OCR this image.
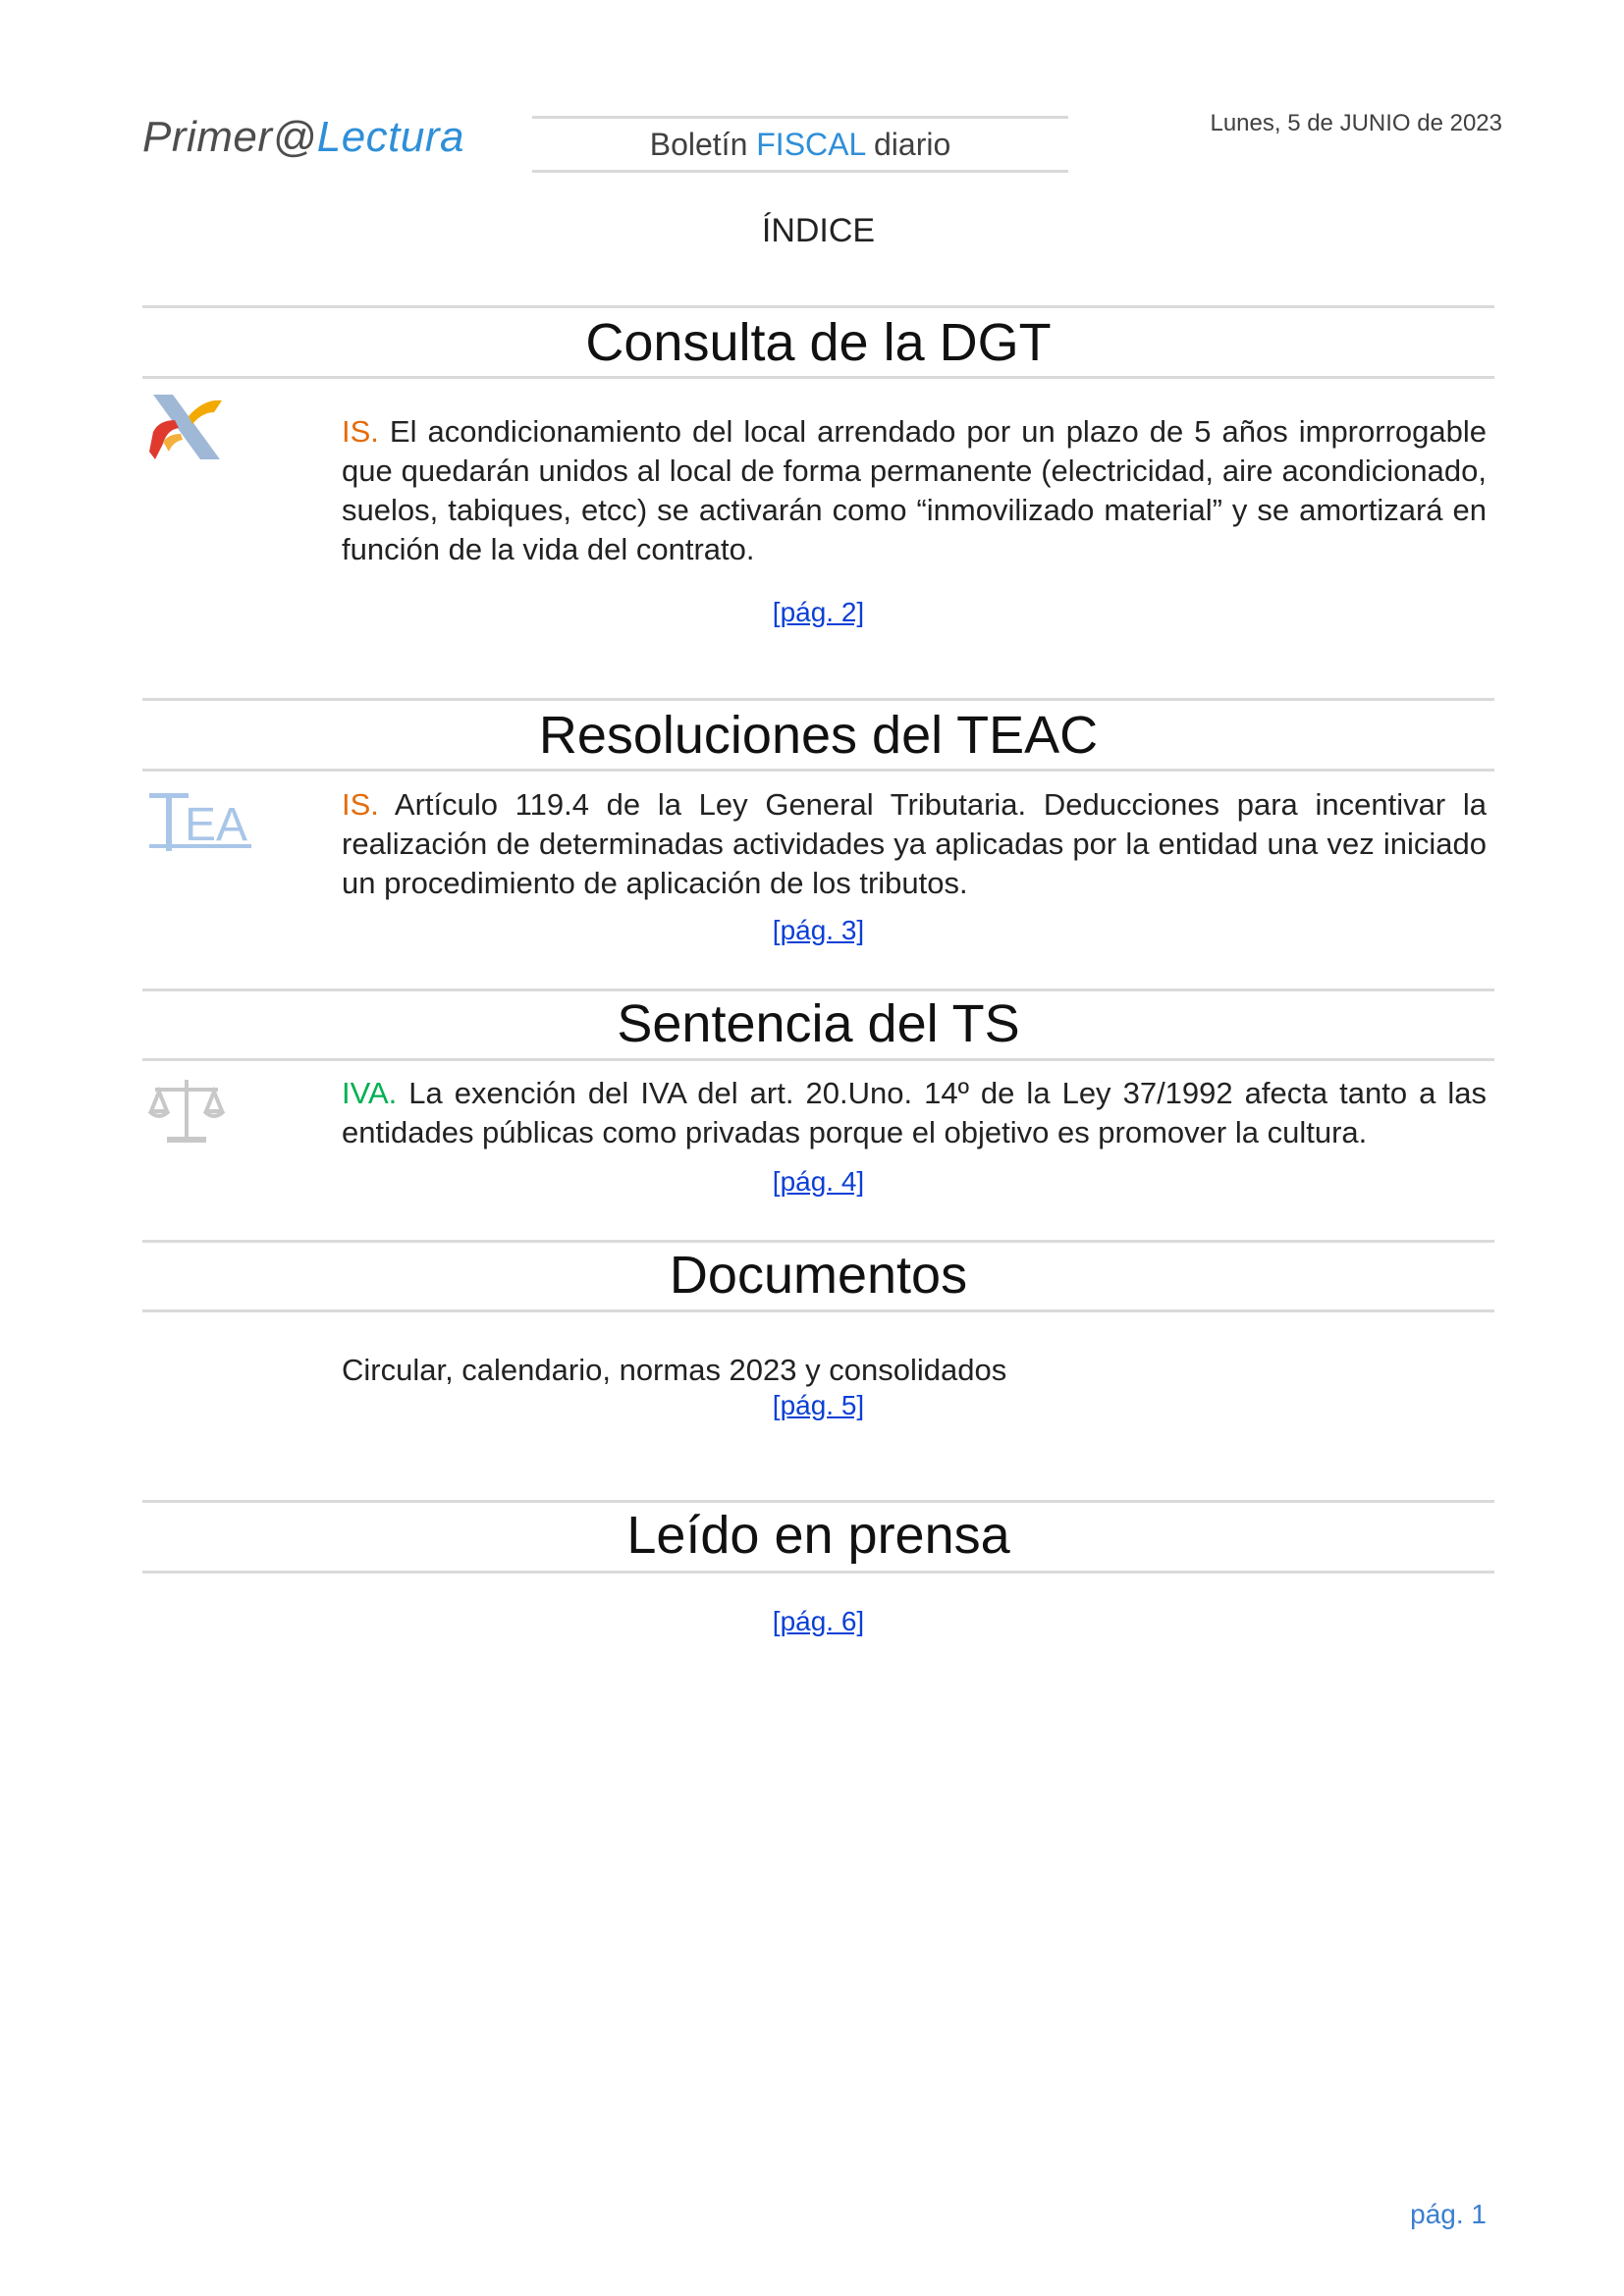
Primer@Lectura	Boletín FISCAL diario
Lunes, 5 de JUNIO de 2023
ÍNDICE
Consulta de la DGT
IS. El acondicionamiento del local arrendado por un plazo de 5 años improrrogable que quedarán unidos al local de forma permanente (electricidad, aire acondicionado, suelos, tabiques, etcc) se activarán como “inmovilizado material” y se amortizará en función de la vida del contrato.
[pág. 2]
Resoluciones del TEAC
EA	IS. Artículo 119.4 de la Ley General Tributaria. Deducciones para incentivar la realización de determinadas actividades ya aplicadas por la entidad una vez iniciado un procedimiento de aplicación de los tributos.
[pág. 3]
Sentencia del TS
IVA. La exención del IVA del art. 20.Uno. 14º de la Ley 37/1992 afecta tanto a las entidades públicas como privadas porque el objetivo es promover la cultura.
[pág. 4]
Documentos
Circular, calendario, normas 2023 y consolidados
[pág. 5]
Leído en prensa
[pág. 6]
pág. 1
